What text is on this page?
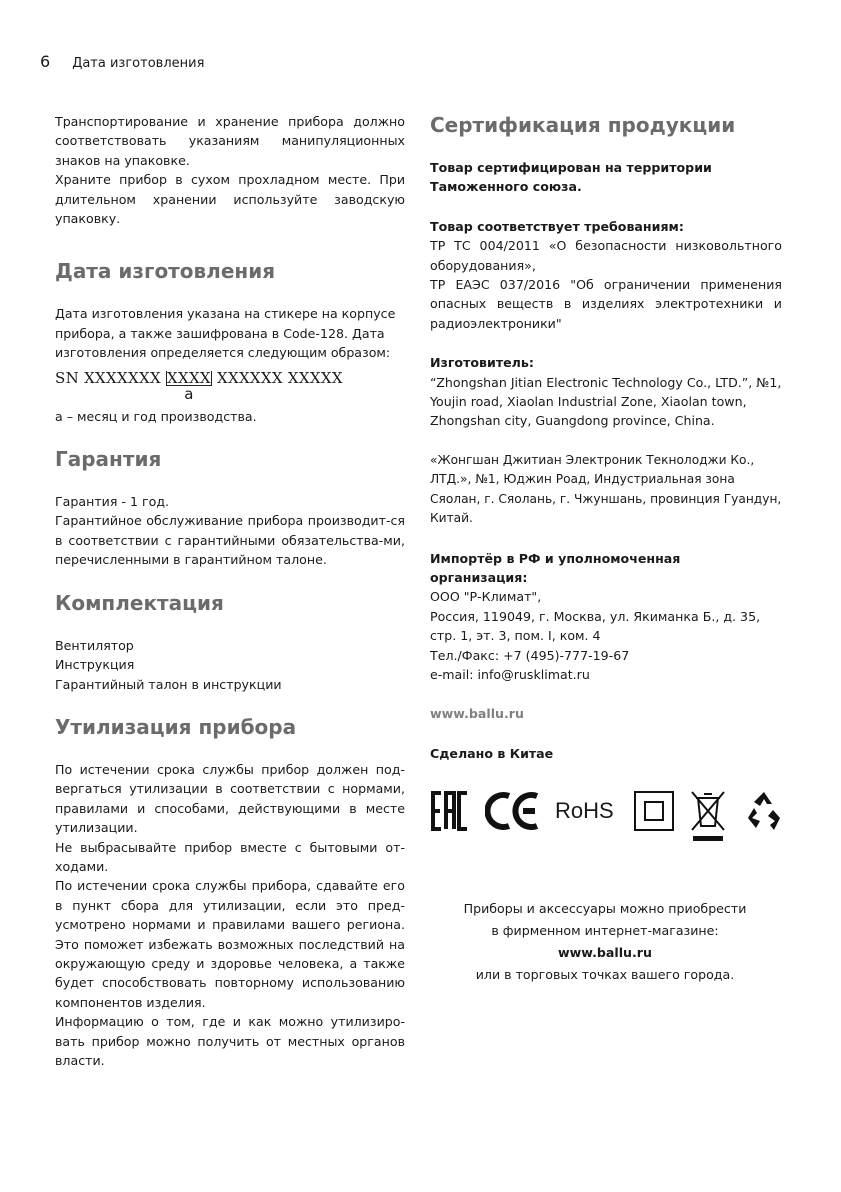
6 Дата изготовления

Транспортирование и хранение прибора должно соответствовать указаниям манипуляционных знаков на упаковке.

Храните прибор в сухом прохладном месте. При длительном хранении используйте заводскую упаковку.

Дата изготовления

Дата изготовления указана на стикере на корпусе прибора, а также зашифрована в Code-128. Дата изготовления определяется следующим образом:

SN XXXXXXX XXXX
a
XXXXXX XXXXX

а – месяц и год производства.

Гарантия

Гарантия - 1 год.

Гарантийное обслуживание прибора производит-ся в соответствии с гарантийными обязательства-ми, перечисленными в гарантийном талоне.

Комплектация

Вентилятор

Инструкция

Гарантийный талон в инструкции

Утилизация прибора

По истечении срока службы прибор должен под-вергаться утилизации в соответствии с нормами, правилами и способами, действующими в месте утилизации.

Не выбрасывайте прибор вместе с бытовыми от-ходами.

По истечении срока службы прибора, сдавайте его в пункт сбора для утилизации, если это пред-усмотрено нормами и правилами вашего региона. Это поможет избежать возможных последствий на окружающую среду и здоровье человека, а также будет способствовать повторному использованию компонентов изделия.

Информацию о том, где и как можно утилизиро-вать прибор можно получить от местных органов власти.

Сертификация продукции

Товар сертифицирован на территории Таможенного союза.

Товар соответствует требованиям:

ТР ТС 004/2011 «О безопасности низковольтного оборудования»,

ТР ЕАЭС 037/2016 "Об ограничении применения опасных веществ в изделиях электротехники и радиоэлектроники"

Изготовитель:

“Zhongshan Jitian Electronic Technology Co., LTD.”, №1, Youjin road, Xiaolan Industrial Zone, Xiaolan town, Zhongshan city, Guangdong province, China.

«Жонгшан Джитиан Электроник Текнолоджи Ко., ЛТД.», №1, Юджин Роад, Индустриальная зона Сяолан, г. Сяолань, г. Чжуншань, провинция Гуандун, Китай.

Импортёр в РФ и уполномоченная организация:

ООО "Р-Климат",

Россия, 119049, г. Москва, ул. Якиманка Б., д. 35,

стр. 1, эт. 3, пом. I, ком. 4

Тел./Факс: +7 (495)-777-19-67

e-mail: info@rusklimat.ru

www.ballu.ru

Сделано в Китае

RoHS

Приборы и аксессуары можно приобрести

в фирменном интернет-магазине:

www.ballu.ru

или в торговых точках вашего города.
